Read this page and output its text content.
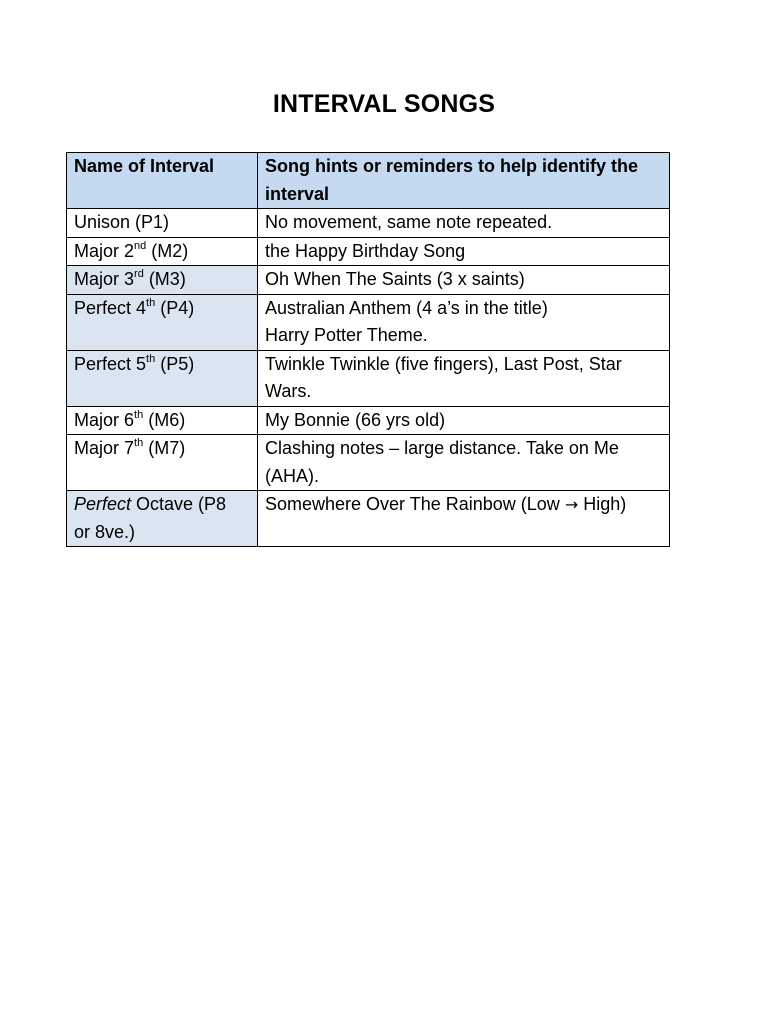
INTERVAL SONGS
Name of Interval	Song hints or reminders to help identify the
interval

Unison (P1)	No movement, same note repeated.

Major 2nd (M2)	the Happy Birthday Song

Major 3rd (M3)	Oh When The Saints (3 x saints)

Perfect 4th (P4)	Australian Anthem (4 a’s in the title)
Harry Potter Theme.

Perfect 5th (P5)	Twinkle Twinkle (five fingers), Last Post, Star
Wars.

Major 6th (M6)	My Bonnie (66 yrs old)

Major 7th (M7)	Clashing notes – large distance. Take on Me
(AHA).

Perfect Octave (P8
or 8ve.)	Somewhere Over The Rainbow (Low → High)
